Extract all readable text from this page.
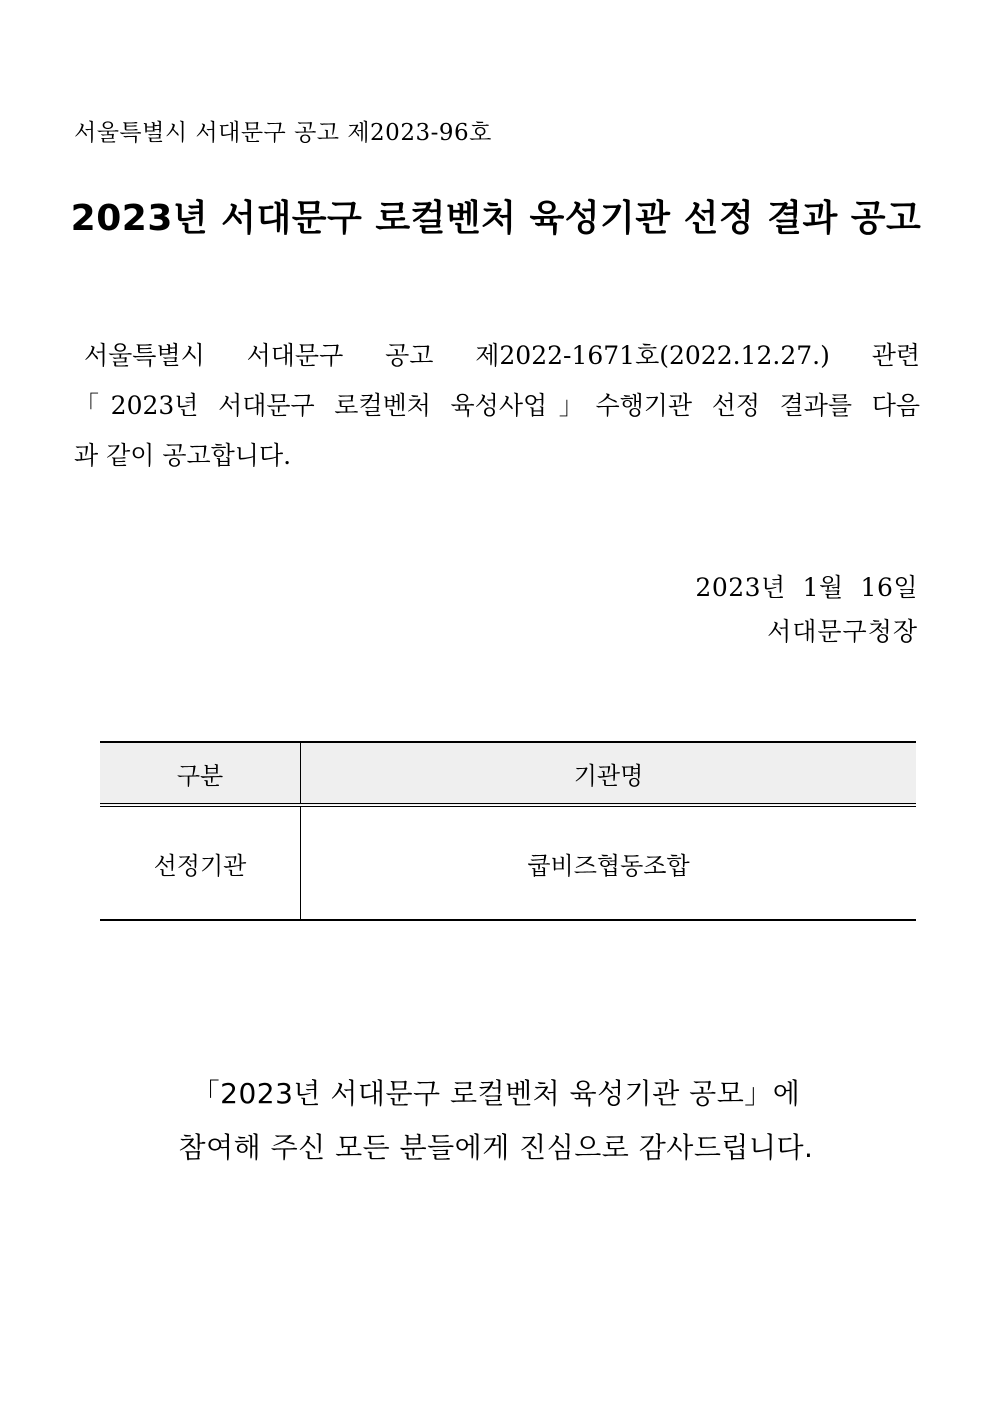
서울특별시 서대문구 공고 제2023-96호
2023년 서대문구 로컬벤처 육성기관 선정 결과 공고
서울특별시 서대문구 공고 제2022-1671호(2022.12.27.) 관련
「2023년 서대문구 로컬벤처 육성사업」수행기관 선정 결과를 다음
과 같이 공고합니다.
2023년  1월  16일
서대문구청장
구분	기관명
선정기관	쿱비즈협동조합
「2023년 서대문구 로컬벤처 육성기관 공모」에
참여해 주신 모든 분들에게 진심으로 감사드립니다.
